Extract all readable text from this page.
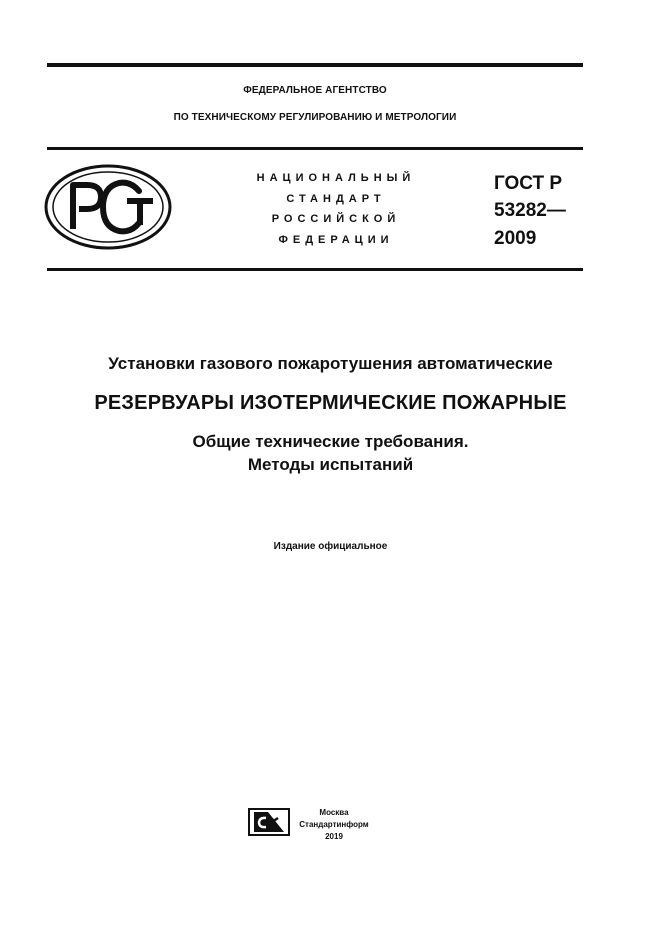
ФЕДЕРАЛЬНОЕ АГЕНТСТВО
ПО ТЕХНИЧЕСКОМУ РЕГУЛИРОВАНИЮ И МЕТРОЛОГИИ
НАЦИОНАЛЬНЫЙ
СТАНДАРТ
РОССИЙСКОЙ
ФЕДЕРАЦИИ
ГОСТ Р
53282—
2009
Установки газового пожаротушения автоматические
РЕЗЕРВУАРЫ ИЗОТЕРМИЧЕСКИЕ ПОЖАРНЫЕ
Общие технические требования.
Методы испытаний
Издание официальное
Москва
Стандартинформ
2019
